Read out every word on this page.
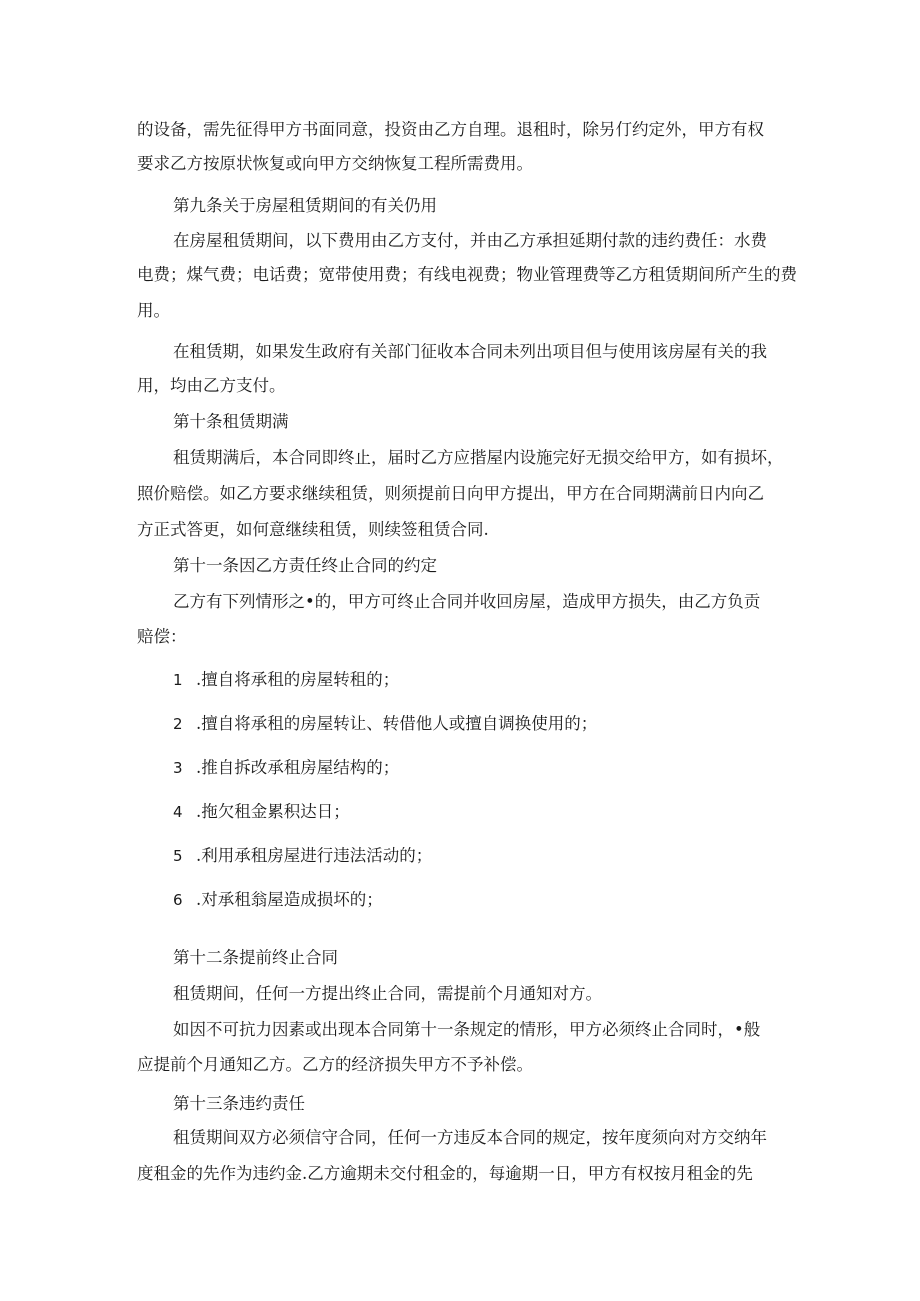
的设备，需先征得甲方书面同意，投资由乙方自理。退租时，除另仃约定外，甲方有权

要求乙方按原状恢复或向甲方交纳恢复工程所需费用。

第九条关于房屋租赁期间的有关仍用

在房屋租赁期间，以下费用由乙方支付，并由乙方承担延期付款的违约费任：水费

电费；煤气费；电话费；宽带使用费；有线电视费；物业管理费等乙方租赁期间所产生的费

用。

在租赁期，如果发生政府有关部门征收本合同未列出项目但与使用该房屋有关的我

用，均由乙方支付。

第十条租赁期满

租赁期满后，本合同即终止，届时乙方应揩屋内设施完好无损交给甲方，如有损坏，

照价赔偿。如乙方要求继续租赁，则须提前日向甲方提出，甲方在合同期满前日内向乙

方正式答更，如何意继续租赁，则续签租赁合同.

第十一条因乙方责任终止合同的约定

乙方有下列情形之•的，甲方可终止合同并收回房屋，造成甲方损失，由乙方负贡

赔偿：

1 .擅自将承租的房屋转租的；
2 .擅自将承租的房屋转让、转借他人或擅自调换使用的；
3 .推自拆改承租房屋结构的；
4 .拖欠租金累积达日；
5 .利用承租房屋进行违法活动的；
6 .对承租翁屋造成损坏的；

第十二条提前终止合同

租赁期间，任何一方提出终止合同，需提前个月通知对方。

如因不可抗力因素或出现本合同第十一条规定的情形，甲方必须终止合同时，•般

应提前个月通知乙方。乙方的经济损失甲方不予补偿。

第十三条违约责任

租赁期间双方必须信守合同，任何一方违反本合同的规定，按年度须向对方交纳年

度租金的先作为违约金.乙方逾期未交付租金的，每逾期一日，甲方有权按月租金的先
